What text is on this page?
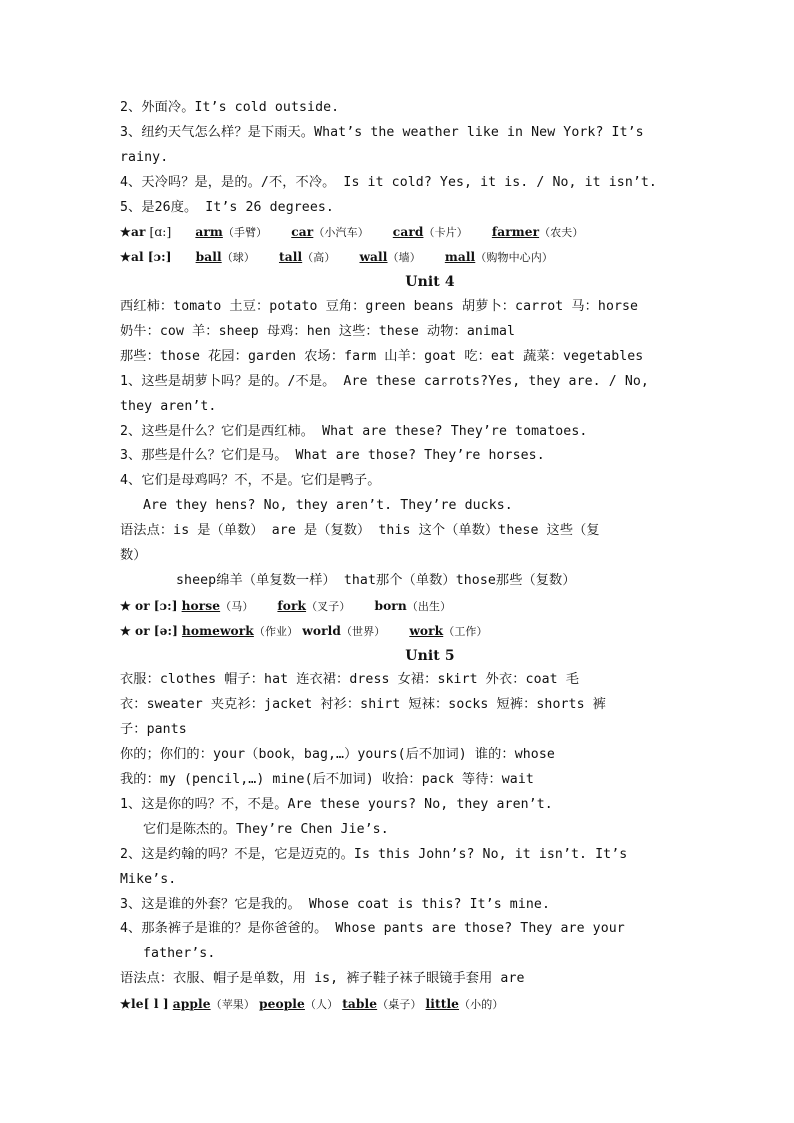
2、外面冷。It’s cold outside.
3、纽约天气怎么样？是下雨天。What’s the weather like in New York? It’s
rainy.
4、天冷吗？是，是的。/不，不冷。 Is it cold? Yes, it is. / No, it isn’t.
5、是26度。 It’s 26 degrees.
★ar [ɑ:] arm（手臂） car（小汽车） card（卡片） farmer（农夫）
★al [ɔ:] ball（球） tall（高） wall（墙） mall（购物中心内）
Unit 4
西红柿：tomato 土豆：potato 豆角：green beans 胡萝卜：carrot 马：horse
奶牛：cow 羊：sheep 母鸡：hen 这些：these 动物：animal
那些：those 花园：garden 农场：farm 山羊：goat 吃：eat 蔬菜：vegetables
1、这些是胡萝卜吗？是的。/不是。 Are these carrots?Yes, they are. / No,
they aren’t.
2、这些是什么？它们是西红柿。 What are these? They’re tomatoes.
3、那些是什么？它们是马。 What are those? They’re horses.
4、它们是母鸡吗？不，不是。它们是鸭子。
Are they hens? No, they aren’t. They’re ducks.
语法点：is 是（单数） are 是（复数） this 这个（单数）these 这些（复
数）
sheep绵羊（单复数一样） that那个（单数）those那些（复数）
★ or [ɔ:] horse（马） fork（叉子） born（出生）
★ or [ə:] homework（作业） world（世界） work（工作）
Unit 5
衣服：clothes 帽子：hat 连衣裙：dress 女裙：skirt 外衣：coat 毛
衣：sweater 夹克衫：jacket 衬衫：shirt 短袜：socks 短裤：shorts 裤
子：pants
你的；你们的：your（book，bag,…）yours(后不加词) 谁的：whose
我的：my (pencil,…) mine(后不加词) 收拾：pack 等待：wait
1、这是你的吗？不，不是。Are these yours? No, they aren’t.
它们是陈杰的。They’re Chen Jie’s.
2、这是约翰的吗？不是，它是迈克的。Is this John’s? No, it isn’t. It’s
Mike’s.
3、这是谁的外套？它是我的。 Whose coat is this? It’s mine.
4、那条裤子是谁的？是你爸爸的。 Whose pants are those? They are your
father’s.
语法点：衣服、帽子是单数，用 is, 裤子鞋子袜子眼镜手套用 are
★le[ l ] apple（苹果） people（人） table（桌子） little（小的）
